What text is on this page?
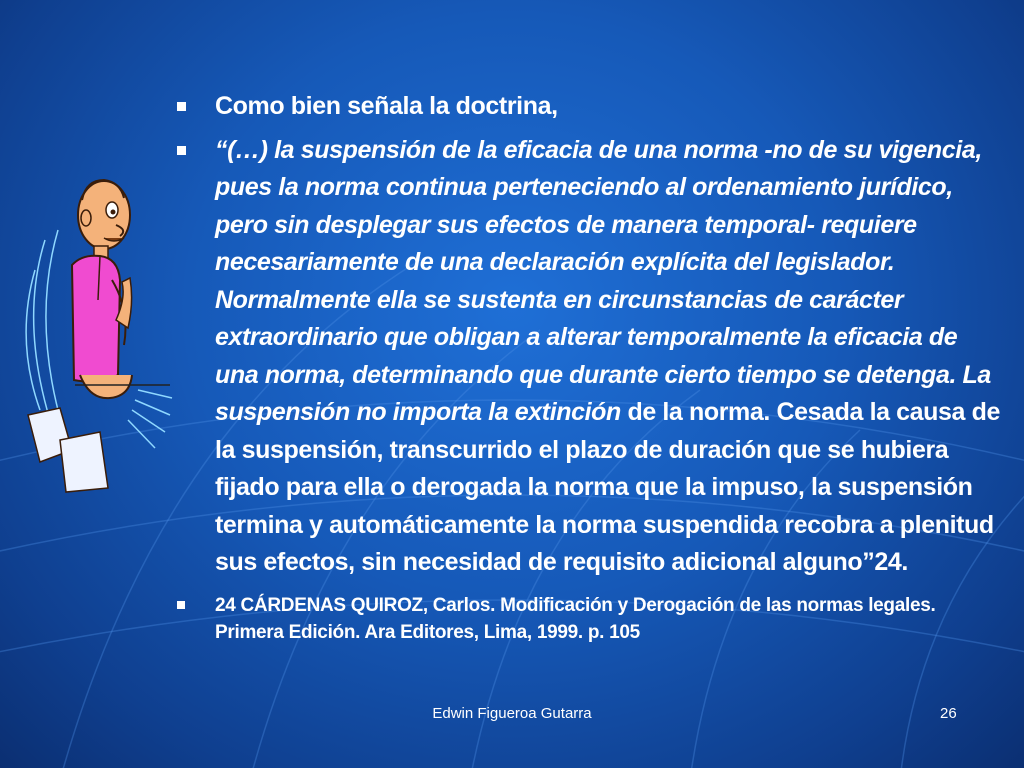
Como bien señala la doctrina,
“(…) la suspensión de la eficacia de una norma -no de su vigencia, pues la norma continua perteneciendo al ordenamiento jurídico, pero sin desplegar sus efectos de manera temporal- requiere necesariamente de una declaración explícita del legislador. Normalmente ella se sustenta en circunstancias de carácter extraordinario que obligan a alterar temporalmente la eficacia de una norma, determinando que durante cierto tiempo se detenga. La suspensión no importa la extinción de la norma. Cesada la causa de la suspensión, transcurrido el plazo de duración que se hubiera fijado para ella o derogada la norma que la impuso, la suspensión termina y automáticamente la norma suspendida recobra a plenitud sus efectos, sin necesidad de requisito adicional alguno”24.
24 CÁRDENAS QUIROZ, Carlos. Modificación y Derogación de las normas legales. Primera Edición. Ara Editores, Lima, 1999. p. 105
Edwin Figueroa Gutarra	26
